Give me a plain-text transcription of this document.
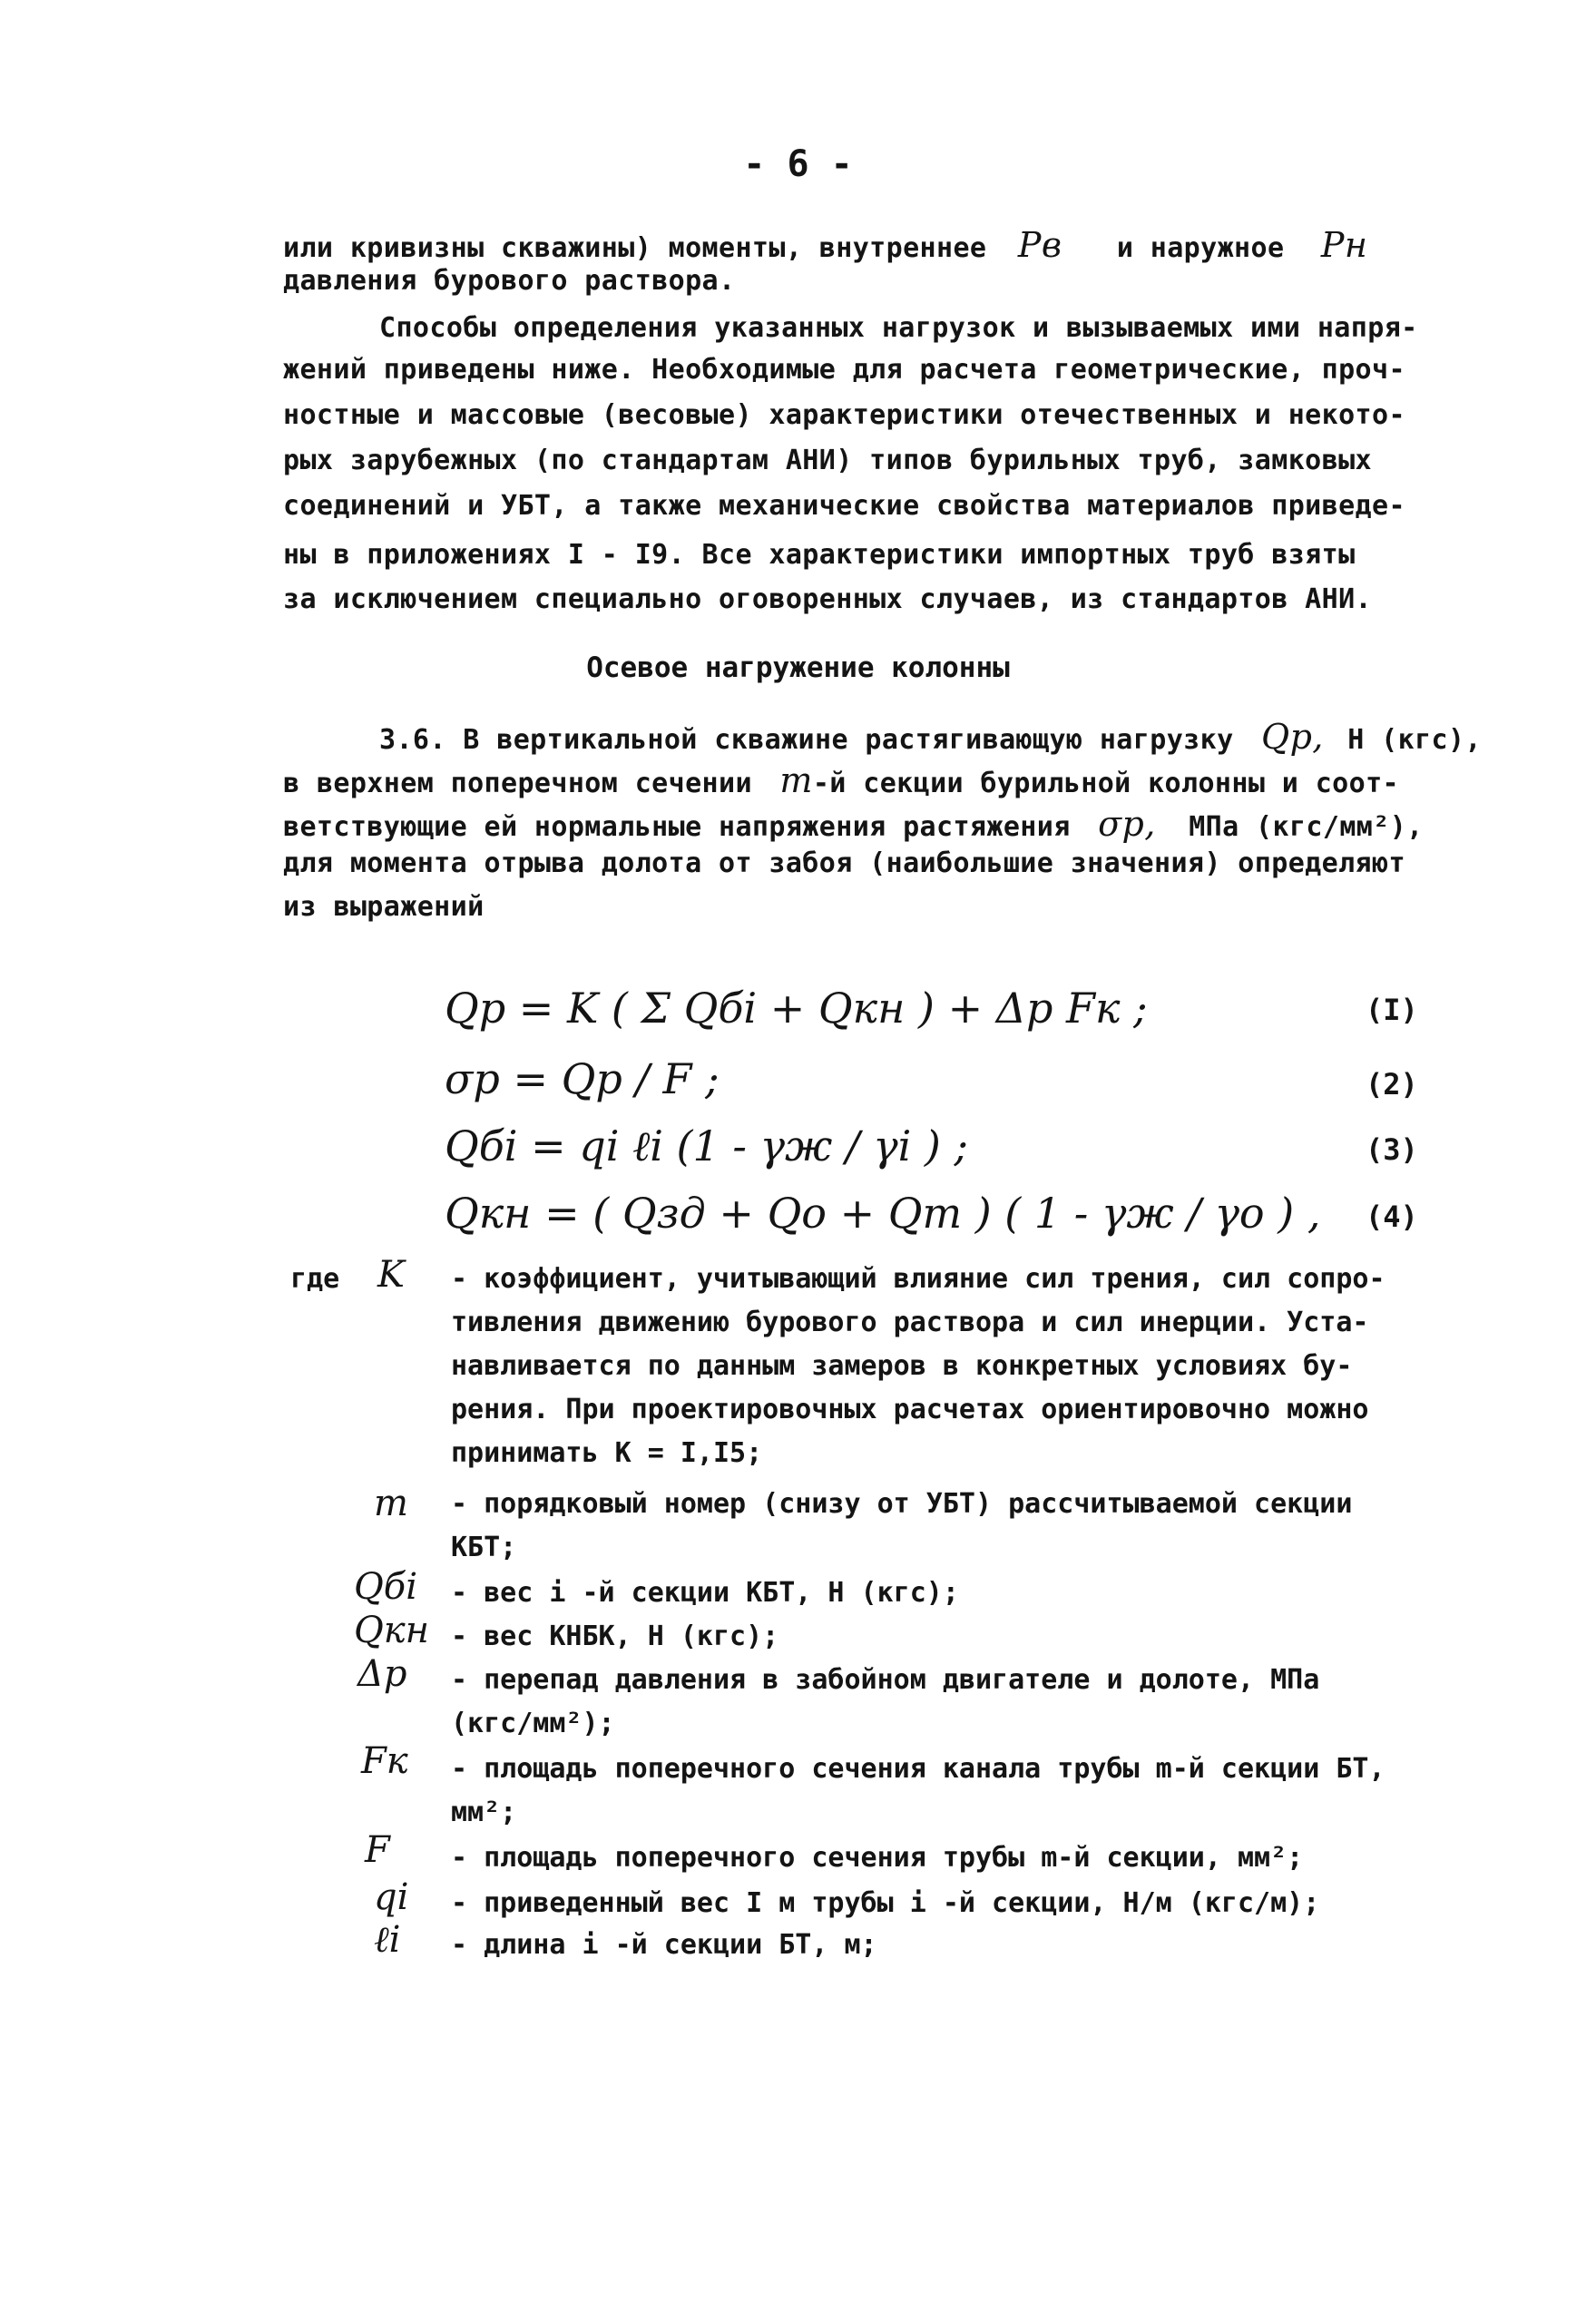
- 6 -
или кривизны скважины) моменты, внутреннее Pв и наружное Pн
давления бурового раствора.
Способы определения указанных нагрузок и вызываемых ими напря-
жений приведены ниже. Необходимые для расчета геометрические, проч-
ностные и массовые (весовые) характеристики отечественных и некото-
рых зарубежных (по стандартам АНИ) типов бурильных труб, замковых
соединений и УБТ, а также механические свойства материалов приведе-
ны в приложениях I - I9. Все характеристики импортных труб взяты
за исключением специально оговоренных случаев, из стандартов АНИ.
Осевое нагружение колонны
3.6. В вертикальной скважине растягивающую нагрузку Qp, Н (кгс),
в верхнем поперечном сечении m-й секции бурильной колонны и соот-
ветствующие ей нормальные напряжения растяжения σp, МПа (кгс/мм²),
для момента отрыва долота от забоя (наибольшие значения) определяют
из выражений
Qp = K ( Σ Qбi + Qкн ) + Δp Fк ;	(I)
σp = Qp / F ;	(2)
Qбi = qi ℓi (1 - γж / γi ) ;	(3)
Qкн = ( Qзд + Qо + Qт ) ( 1 - γж / γо ) , (4)
где K - коэффициент, учитывающий влияние сил трения, сил сопро-
тивления движению бурового раствора и сил инерции. Уста-
навливается по данным замеров в конкретных условиях бу-
рения. При проектировочных расчетах ориентировочно можно
принимать K = I,I5;
m - порядковый номер (снизу от УБТ) рассчитываемой секции
КБТ;
Qбi - вес i -й секции КБТ, Н (кгс);
Qкн - вес КНБК, Н (кгс);
Δp - перепад давления в забойном двигателе и долоте, МПа
(кгс/мм²);
Fк - площадь поперечного сечения канала трубы m-й секции БТ,
мм²;
F - площадь поперечного сечения трубы m-й секции, мм²;
qi - приведенный вес I м трубы i -й секции, Н/м (кгс/м);
ℓi - длина i -й секции БТ, м;
